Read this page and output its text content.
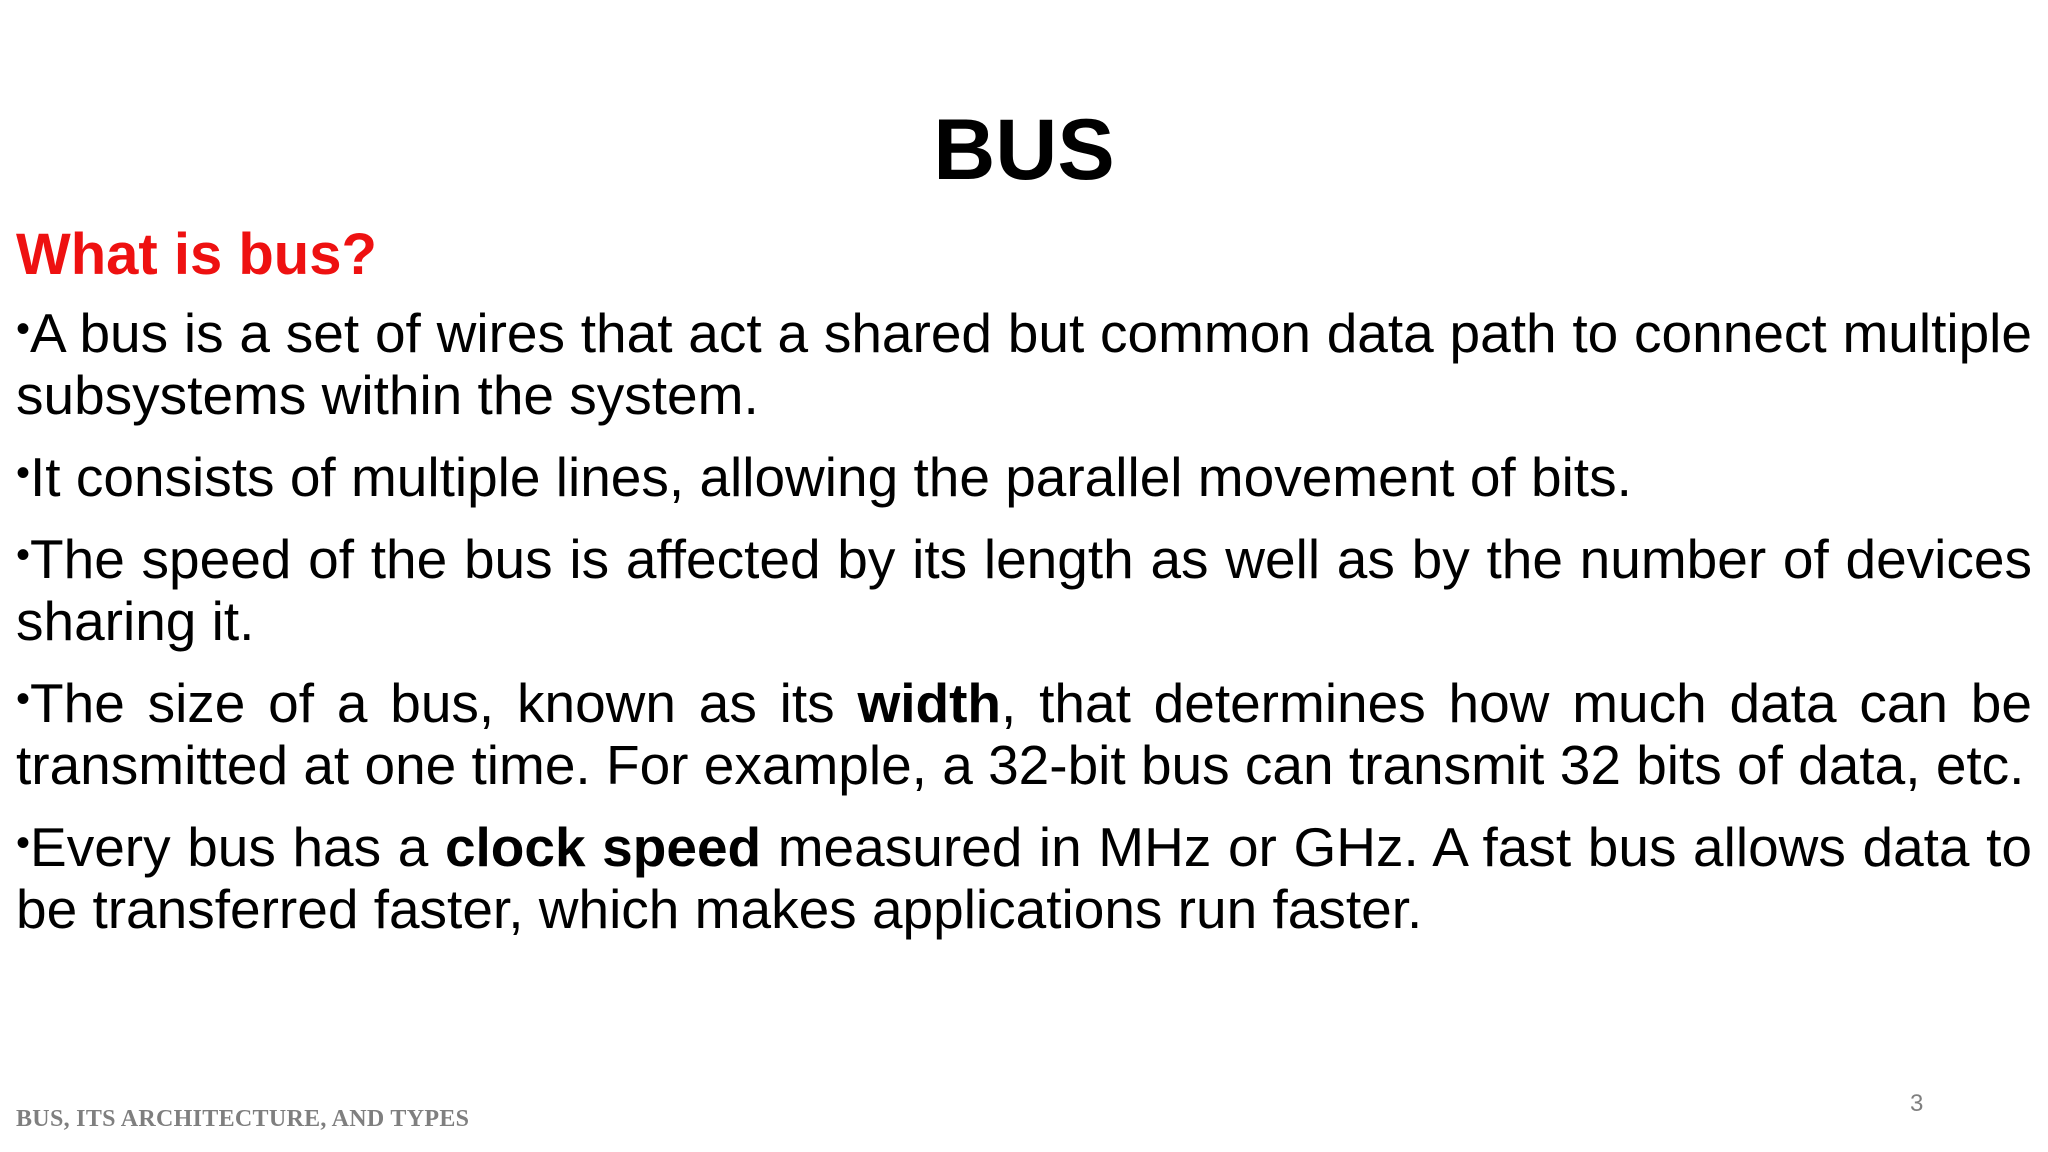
BUS
What is bus?

•A bus is a set of wires that act a shared but common data path to connect multiple subsystems within the system.

•It consists of multiple lines, allowing the parallel movement of bits.

•The speed of the bus is affected by its length as well as by the number of devices sharing it.

•The size of a bus, known as its width, that determines how much data can be transmitted at one time. For example, a 32-bit bus can transmit 32 bits of data, etc.

•Every bus has a clock speed measured in MHz or GHz. A fast bus allows data to be transferred faster, which makes applications run faster.

BUS, ITS ARCHITECTURE, AND TYPES
3
